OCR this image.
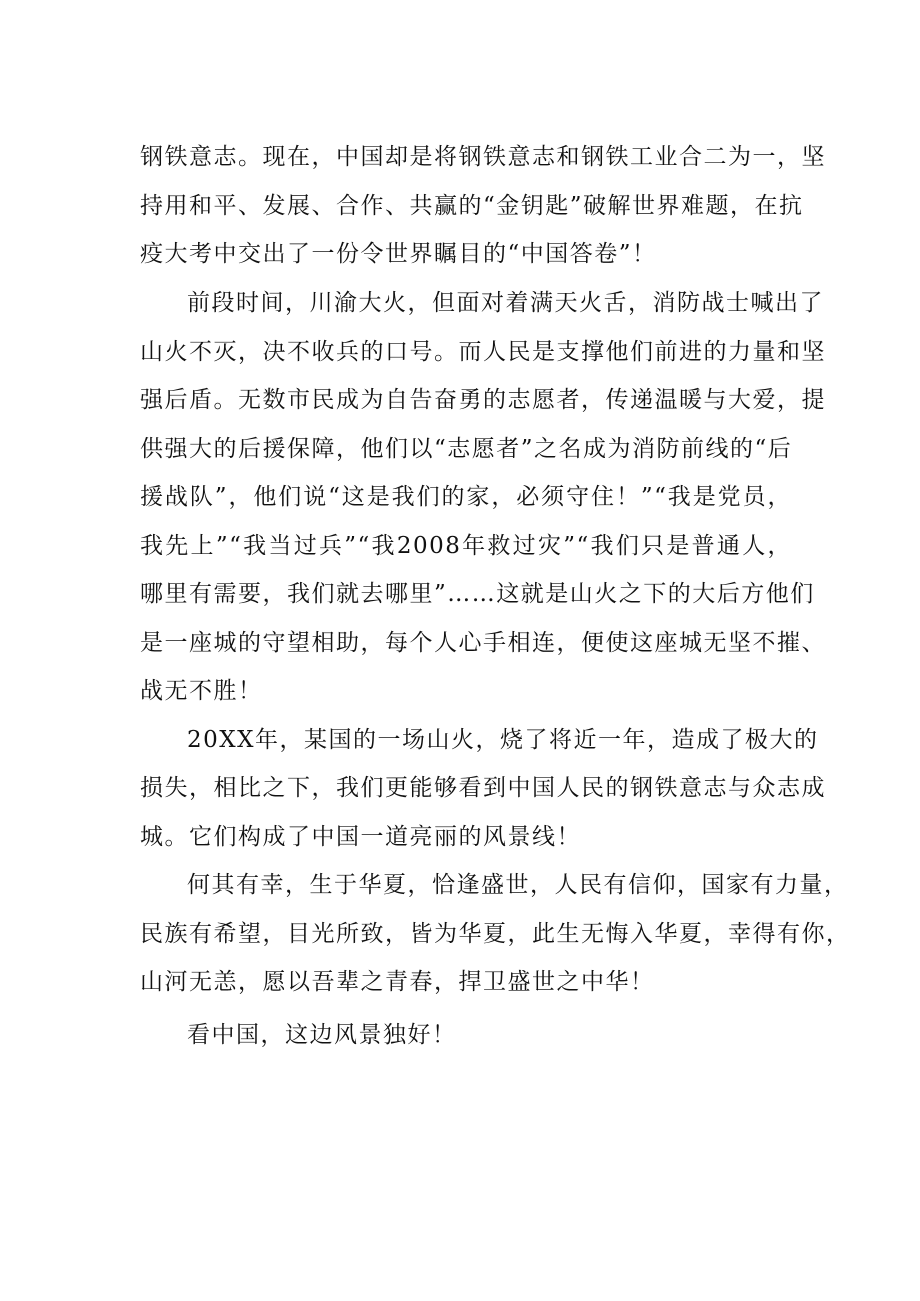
钢铁意志。现在，中国却是将钢铁意志和钢铁工业合二为一，坚
持用和平、发展、合作、共赢的“金钥匙”破解世界难题，在抗
疫大考中交出了一份令世界瞩目的“中国答卷”！
前段时间，川渝大火，但面对着满天火舌，消防战士喊出了
山火不灭，决不收兵的口号。而人民是支撑他们前进的力量和坚
强后盾。无数市民成为自告奋勇的志愿者，传递温暖与大爱，提
供强大的后援保障，他们以“志愿者”之名成为消防前线的“后
援战队”，他们说“这是我们的家，必须守住！”“我是党员，
我先上”“我当过兵”“我2008年救过灾”“我们只是普通人，
哪里有需要，我们就去哪里”……这就是山火之下的大后方他们
是一座城的守望相助，每个人心手相连，便使这座城无坚不摧、
战无不胜！
20XX年，某国的一场山火，烧了将近一年，造成了极大的
损失，相比之下，我们更能够看到中国人民的钢铁意志与众志成
城。它们构成了中国一道亮丽的风景线！
何其有幸，生于华夏，恰逢盛世，人民有信仰，国家有力量，
民族有希望，目光所致，皆为华夏，此生无悔入华夏，幸得有你，
山河无恙，愿以吾辈之青春，捍卫盛世之中华！
看中国，这边风景独好！
